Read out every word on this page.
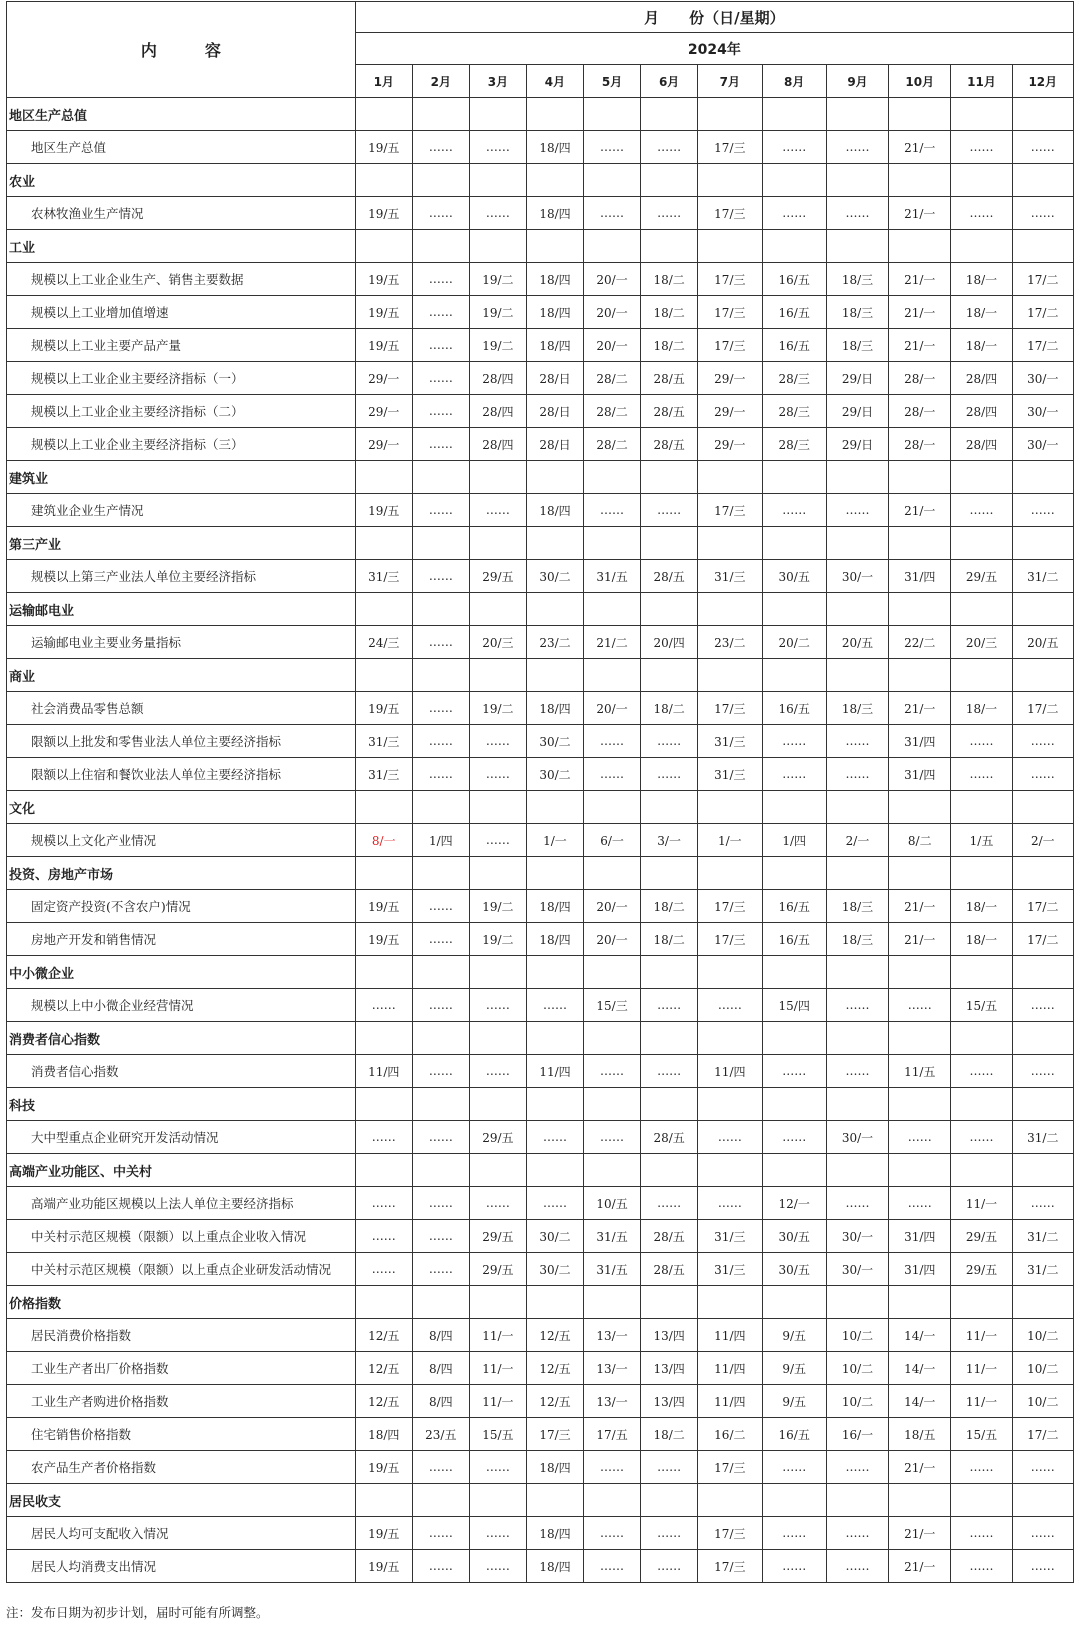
内　　　容	月　　份（日/星期）											
	2024年											
	1月	2月	3月	4月	5月	6月	7月	8月	9月	10月	11月	12月
地区生产总值												
地区生产总值	19/五	……	……	18/四	……	……	17/三	……	……	21/一	……	……
农业												
农林牧渔业生产情况	19/五	……	……	18/四	……	……	17/三	……	……	21/一	……	……
工业												
规模以上工业企业生产、销售主要数据	19/五	……	19/二	18/四	20/一	18/二	17/三	16/五	18/三	21/一	18/一	17/二
规模以上工业增加值增速	19/五	……	19/二	18/四	20/一	18/二	17/三	16/五	18/三	21/一	18/一	17/二
规模以上工业主要产品产量	19/五	……	19/二	18/四	20/一	18/二	17/三	16/五	18/三	21/一	18/一	17/二
规模以上工业企业主要经济指标（一）	29/一	……	28/四	28/日	28/二	28/五	29/一	28/三	29/日	28/一	28/四	30/一
规模以上工业企业主要经济指标（二）	29/一	……	28/四	28/日	28/二	28/五	29/一	28/三	29/日	28/一	28/四	30/一
规模以上工业企业主要经济指标（三）	29/一	……	28/四	28/日	28/二	28/五	29/一	28/三	29/日	28/一	28/四	30/一
建筑业												
建筑业企业生产情况	19/五	……	……	18/四	……	……	17/三	……	……	21/一	……	……
第三产业												
规模以上第三产业法人单位主要经济指标	31/三	……	29/五	30/二	31/五	28/五	31/三	30/五	30/一	31/四	29/五	31/二
运输邮电业												
运输邮电业主要业务量指标	24/三	……	20/三	23/二	21/二	20/四	23/二	20/二	20/五	22/二	20/三	20/五
商业												
社会消费品零售总额	19/五	……	19/二	18/四	20/一	18/二	17/三	16/五	18/三	21/一	18/一	17/二
限额以上批发和零售业法人单位主要经济指标	31/三	……	……	30/二	……	……	31/三	……	……	31/四	……	……
限额以上住宿和餐饮业法人单位主要经济指标	31/三	……	……	30/二	……	……	31/三	……	……	31/四	……	……
文化												
规模以上文化产业情况	8/一	1/四	……	1/一	6/一	3/一	1/一	1/四	2/一	8/二	1/五	2/一
投资、房地产市场												
固定资产投资(不含农户)情况	19/五	……	19/二	18/四	20/一	18/二	17/三	16/五	18/三	21/一	18/一	17/二
房地产开发和销售情况	19/五	……	19/二	18/四	20/一	18/二	17/三	16/五	18/三	21/一	18/一	17/二
中小微企业												
规模以上中小微企业经营情况	……	……	……	……	15/三	……	……	15/四	……	……	15/五	……
消费者信心指数												
消费者信心指数	11/四	……	……	11/四	……	……	11/四	……	……	11/五	……	……
科技												
大中型重点企业研究开发活动情况	……	……	29/五	……	……	28/五	……	……	30/一	……	……	31/二
高端产业功能区、中关村												
高端产业功能区规模以上法人单位主要经济指标	……	……	……	……	10/五	……	……	12/一	……	……	11/一	……
中关村示范区规模（限额）以上重点企业收入情况	……	……	29/五	30/二	31/五	28/五	31/三	30/五	30/一	31/四	29/五	31/二
中关村示范区规模（限额）以上重点企业研发活动情况	……	……	29/五	30/二	31/五	28/五	31/三	30/五	30/一	31/四	29/五	31/二
价格指数												
居民消费价格指数	12/五	8/四	11/一	12/五	13/一	13/四	11/四	9/五	10/二	14/一	11/一	10/二
工业生产者出厂价格指数	12/五	8/四	11/一	12/五	13/一	13/四	11/四	9/五	10/二	14/一	11/一	10/二
工业生产者购进价格指数	12/五	8/四	11/一	12/五	13/一	13/四	11/四	9/五	10/二	14/一	11/一	10/二
住宅销售价格指数	18/四	23/五	15/五	17/三	17/五	18/二	16/二	16/五	16/一	18/五	15/五	17/二
农产品生产者价格指数	19/五	……	……	18/四	……	……	17/三	……	……	21/一	……	……
居民收支												
居民人均可支配收入情况	19/五	……	……	18/四	……	……	17/三	……	……	21/一	……	……
居民人均消费支出情况	19/五	……	……	18/四	……	……	17/三	……	……	21/一	……	……
注：发布日期为初步计划，届时可能有所调整。
